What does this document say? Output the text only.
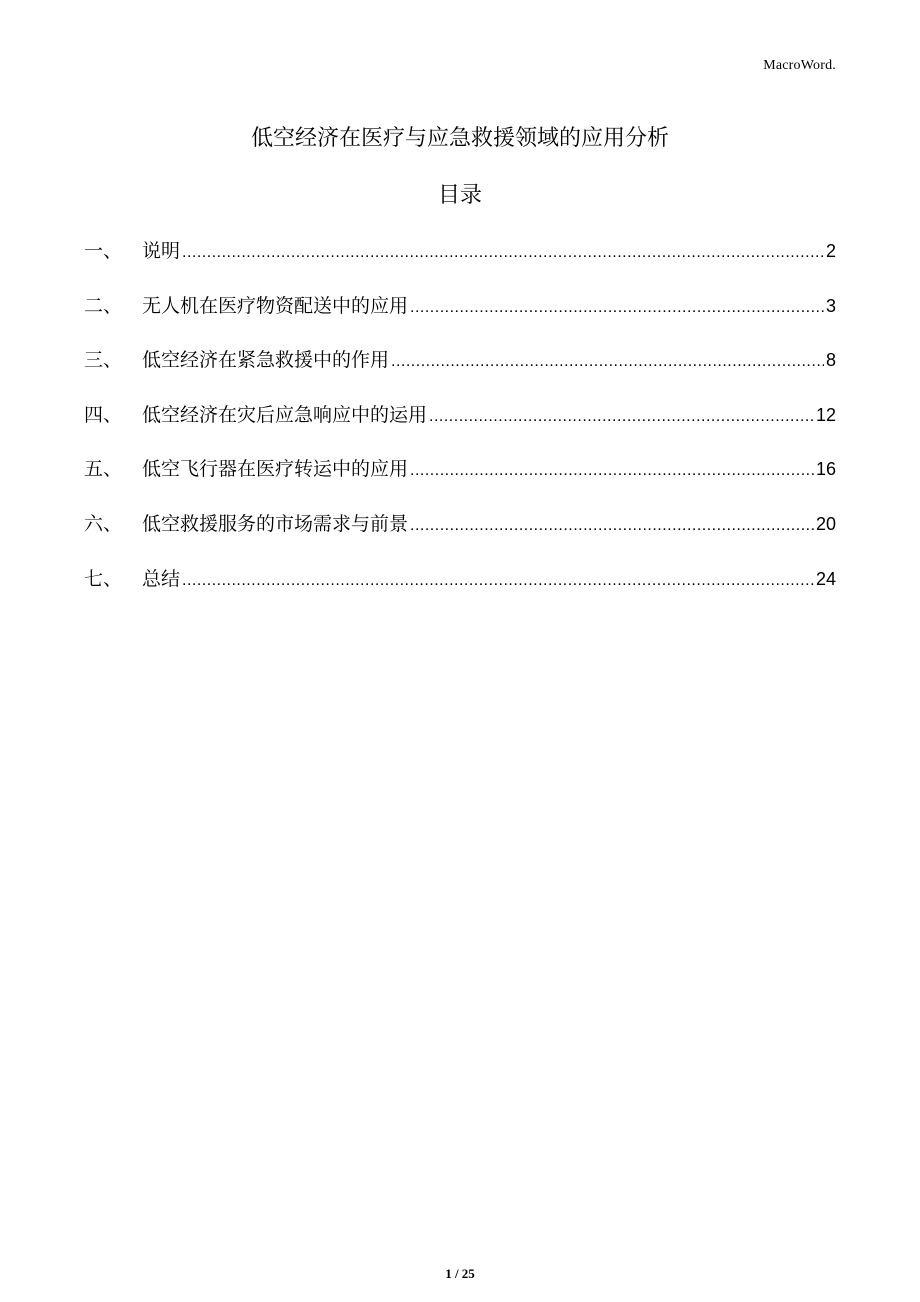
MacroWord.
低空经济在医疗与应急救援领域的应用分析
目录
一、	说明 .....	2
二、	无人机在医疗物资配送中的应用 .....	3
三、	低空经济在紧急救援中的作用 .....	8
四、	低空经济在灾后应急响应中的运用 .....	12
五、	低空飞行器在医疗转运中的应用 .....	16
六、	低空救援服务的市场需求与前景 .....	20
七、	总结 .....	24
1 / 25
